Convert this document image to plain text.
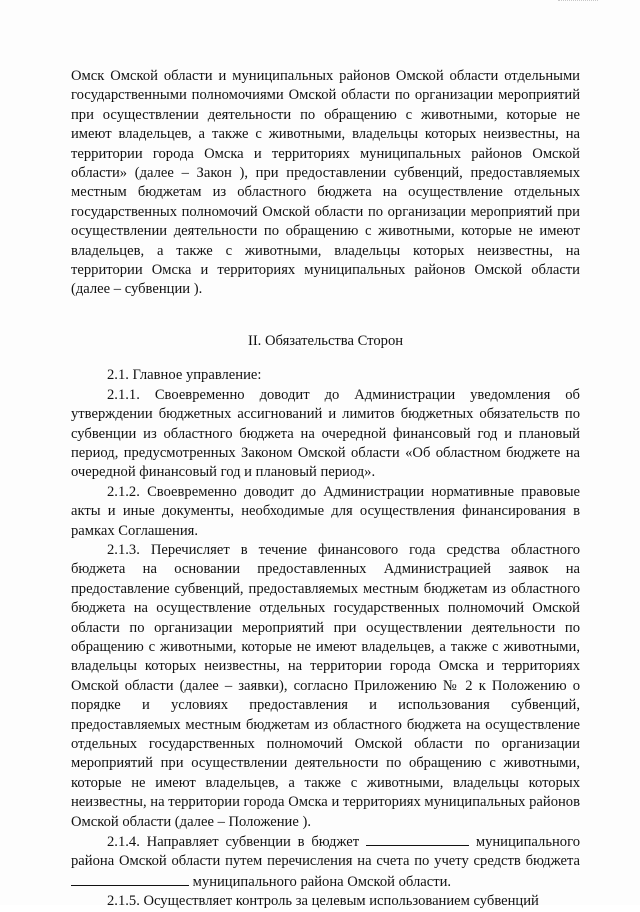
Омск Омской области и муниципальных районов Омской области отдельными государственными полномочиями Омской области по организации мероприятий при осуществлении деятельности по обращению с животными, которые не имеют владельцев, а также с животными, владельцы которых неизвестны, на территории города Омска и территориях муниципальных районов Омской области» (далее – Закон ), при предоставлении субвенций, предоставляемых местным бюджетам из областного бюджета на осуществление отдельных государственных полномочий Омской области по организации мероприятий при осуществлении деятельности по обращению с животными, которые не имеют владельцев, а также с животными, владельцы которых неизвестны, на территории Омска и территориях муниципальных районов Омской области (далее – субвенции ).

II. Обязательства Сторон

2.1. Главное управление:

2.1.1. Своевременно доводит до Администрации уведомления об утверждении бюджетных ассигнований и лимитов бюджетных обязательств по субвенции из областного бюджета на очередной финансовый год и плановый период, предусмотренных Законом Омской области «Об областном бюджете на очередной финансовый год и плановый период».

2.1.2. Своевременно доводит до Администрации нормативные правовые акты и иные документы, необходимые для осуществления финансирования в рамках Соглашения.

2.1.3. Перечисляет в течение финансового года средства областного бюджета на основании предоставленных Администрацией заявок на предоставление субвенций, предоставляемых местным бюджетам из областного бюджета на осуществление отдельных государственных полномочий Омской области по организации мероприятий при осуществлении деятельности по обращению с животными, которые не имеют владельцев, а также с животными, владельцы которых неизвестны, на территории города Омска и территориях Омской области (далее – заявки), согласно Приложению № 2 к Положению о порядке и условиях предоставления и использования субвенций, предоставляемых местным бюджетам из областного бюджета на осуществление отдельных государственных полномочий Омской области по организации мероприятий при осуществлении деятельности по обращению с животными, которые не имеют владельцев, а также с животными, владельцы которых неизвестны, на территории города Омска и территориях муниципальных районов Омской области (далее – Положение ).

2.1.4. Направляет субвенции в бюджет	муниципального района Омской области путем перечисления на счета по учету средств бюджета  муниципального района Омской области.

2.1.5. Осуществляет контроль за целевым использованием субвенций
